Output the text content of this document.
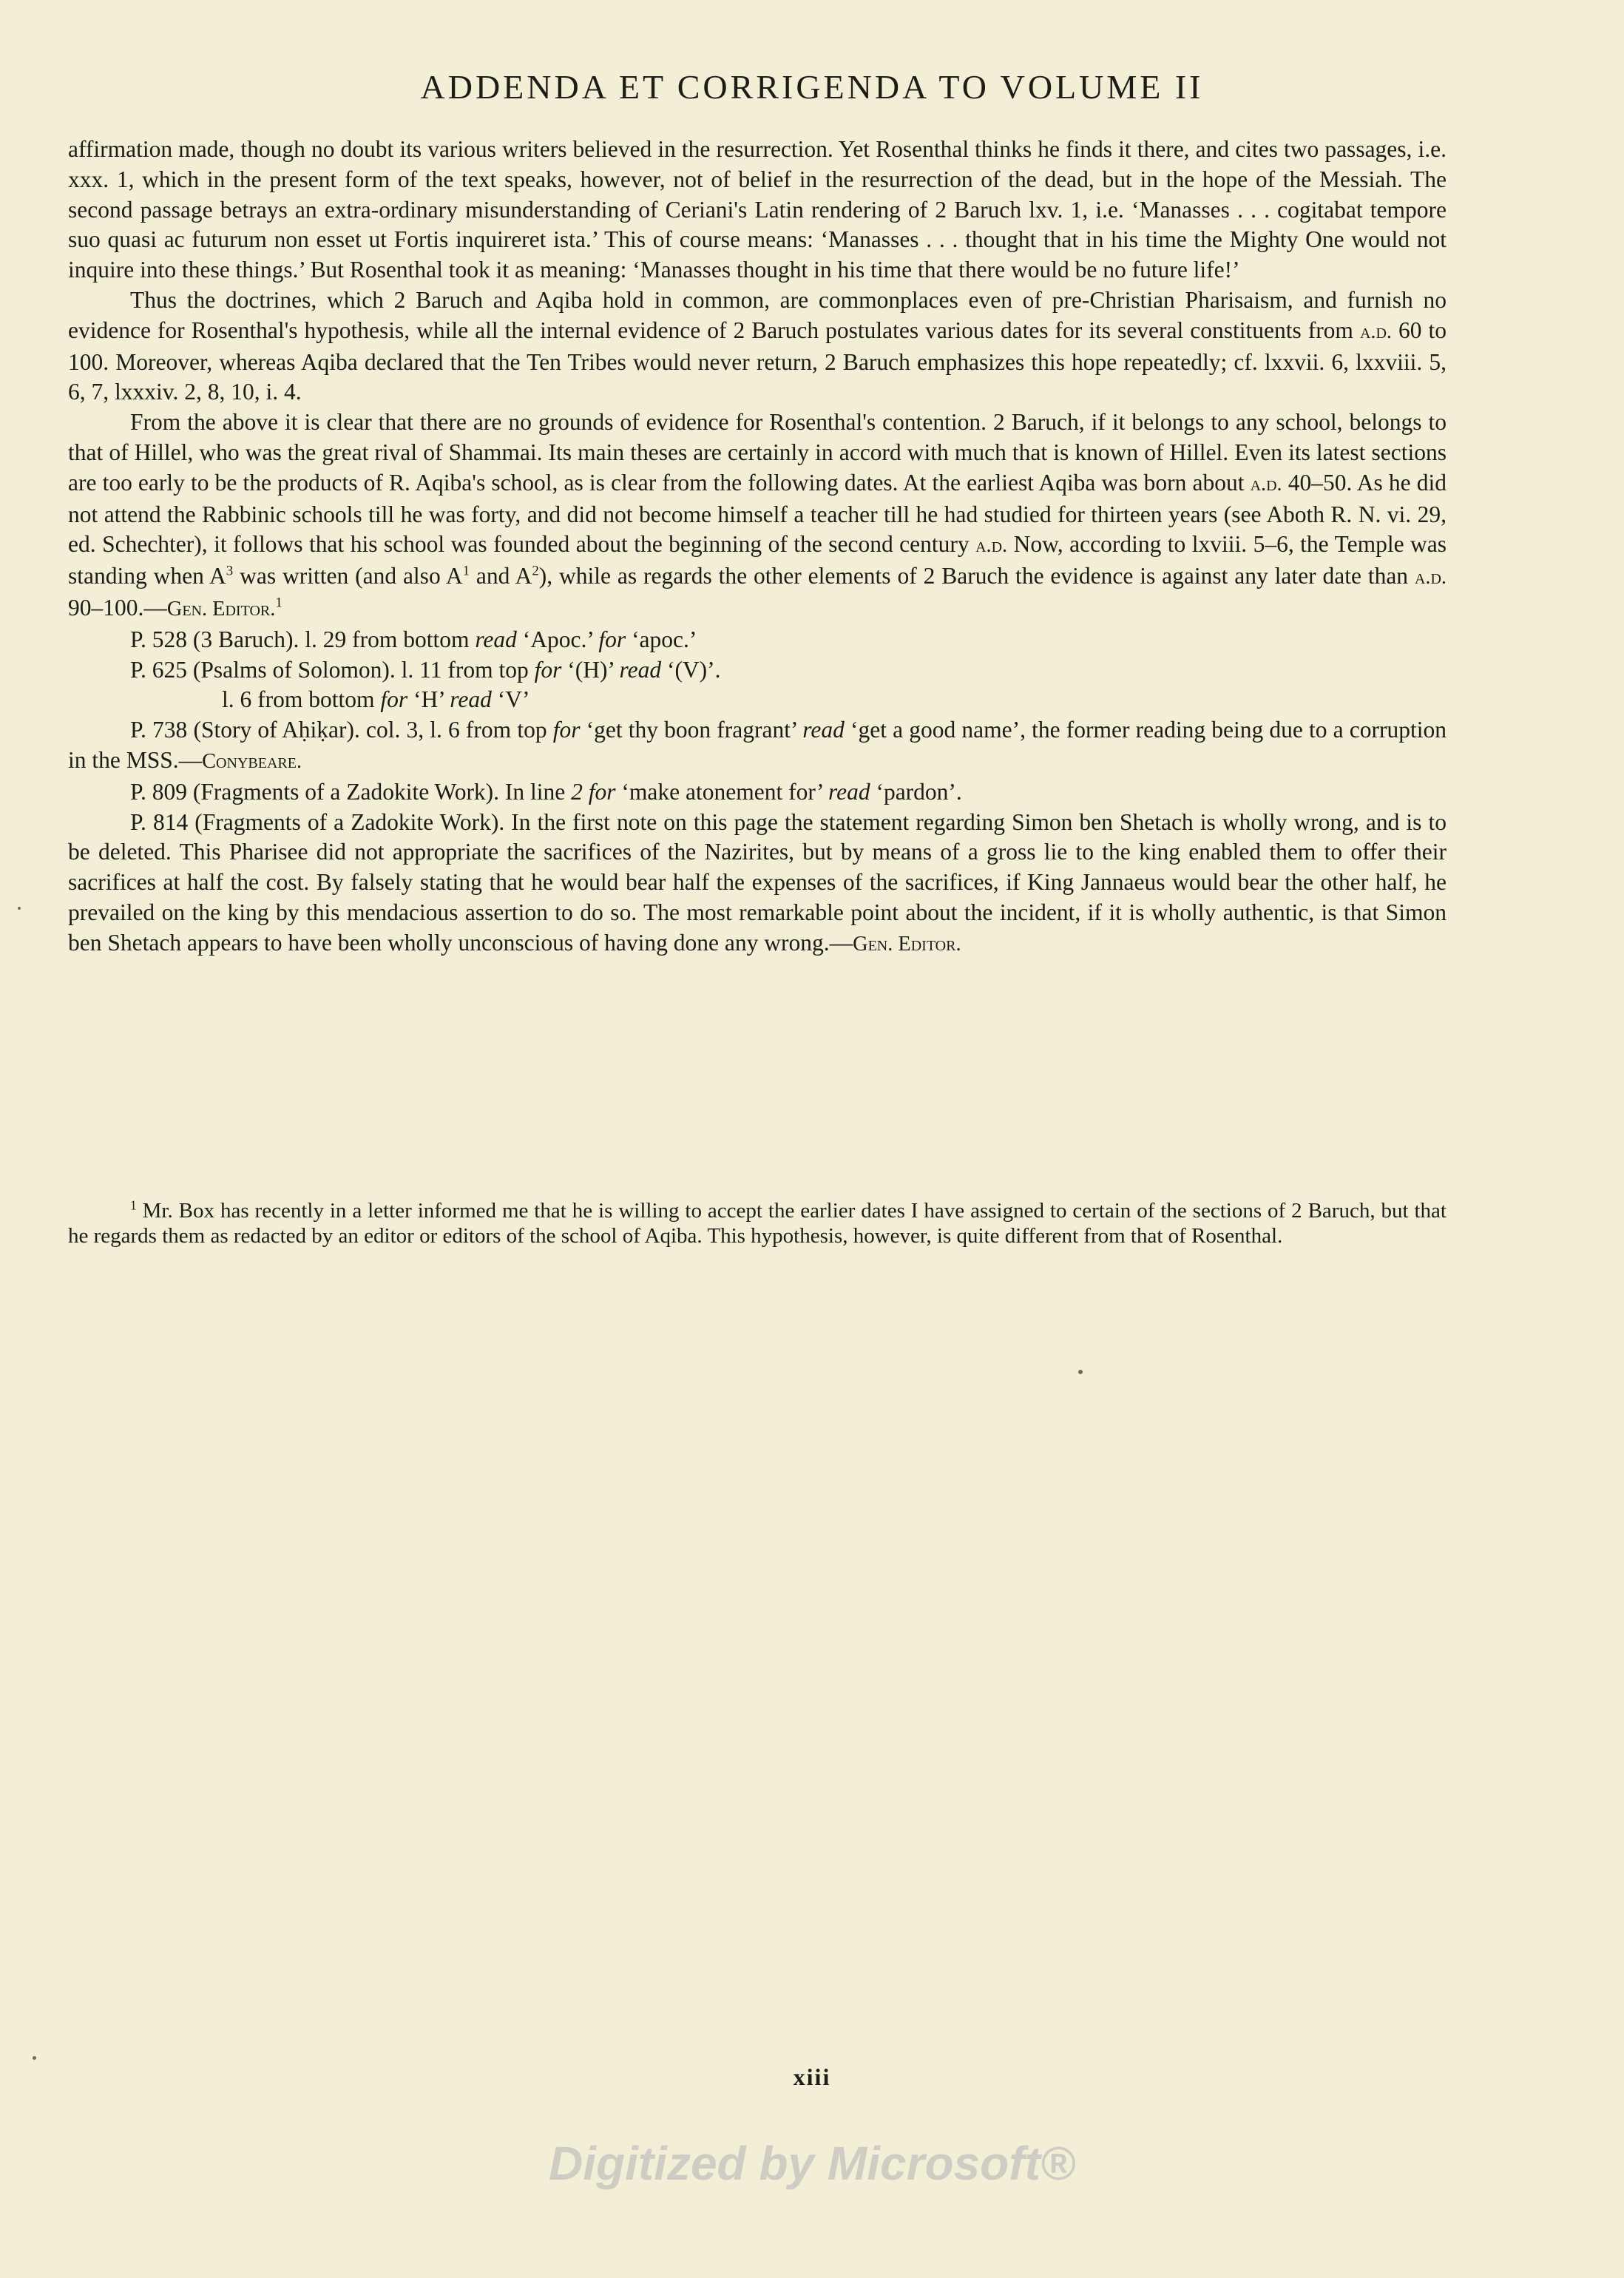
ADDENDA ET CORRIGENDA TO VOLUME II

affirmation made, though no doubt its various writers believed in the resurrection. Yet Rosenthal thinks he finds it there, and cites two passages, i.e. xxx. 1, which in the present form of the text speaks, however, not of belief in the resurrection of the dead, but in the hope of the Messiah. The second passage betrays an extra-ordinary misunderstanding of Ceriani's Latin rendering of 2 Baruch lxv. 1, i.e. ‘Manasses . . . cogitabat tempore suo quasi ac futurum non esset ut Fortis inquireret ista.’ This of course means: ‘Manasses . . . thought that in his time the Mighty One would not inquire into these things.’ But Rosenthal took it as meaning: ‘Manasses thought in his time that there would be no future life!’

Thus the doctrines, which 2 Baruch and Aqiba hold in common, are commonplaces even of pre-Christian Pharisaism, and furnish no evidence for Rosenthal's hypothesis, while all the internal evidence of 2 Baruch postulates various dates for its several constituents from a.d. 60 to 100. Moreover, whereas Aqiba declared that the Ten Tribes would never return, 2 Baruch emphasizes this hope repeatedly; cf. lxxvii. 6, lxxviii. 5, 6, 7, lxxxiv. 2, 8, 10, i. 4.

From the above it is clear that there are no grounds of evidence for Rosenthal's contention. 2 Baruch, if it belongs to any school, belongs to that of Hillel, who was the great rival of Shammai. Its main theses are certainly in accord with much that is known of Hillel. Even its latest sections are too early to be the products of R. Aqiba's school, as is clear from the following dates. At the earliest Aqiba was born about a.d. 40–50. As he did not attend the Rabbinic schools till he was forty, and did not become himself a teacher till he had studied for thirteen years (see Aboth R. N. vi. 29, ed. Schechter), it follows that his school was founded about the beginning of the second century a.d. Now, according to lxviii. 5–6, the Temple was standing when $A^3$ was written (and also $A^1$ and $A^2$), while as regards the other elements of 2 Baruch the evidence is against any later date than a.d. 90–100.—Gen. Editor.$^1$

P. 528 (3 Baruch). l. 29 from bottom read ‘Apoc.’ for ‘apoc.’

P. 625 (Psalms of Solomon). l. 11 from top for ‘(H)’ read ‘(V)’.

l. 6 from bottom for ‘H’ read ‘V’

P. 738 (Story of Aḥiḳar). col. 3, l. 6 from top for ‘get thy boon fragrant’ read ‘get a good name’, the former reading being due to a corruption in the MSS.—Conybeare.

P. 809 (Fragments of a Zadokite Work). In line 2 for ‘make atonement for’ read ‘pardon’.

P. 814 (Fragments of a Zadokite Work). In the first note on this page the statement regarding Simon ben Shetach is wholly wrong, and is to be deleted. This Pharisee did not appropriate the sacrifices of the Nazirites, but by means of a gross lie to the king enabled them to offer their sacrifices at half the cost. By falsely stating that he would bear half the expenses of the sacrifices, if King Jannaeus would bear the other half, he prevailed on the king by this mendacious assertion to do so. The most remarkable point about the incident, if it is wholly authentic, is that Simon ben Shetach appears to have been wholly unconscious of having done any wrong.—Gen. Editor.

$^1$ Mr. Box has recently in a letter informed me that he is willing to accept the earlier dates I have assigned to certain of the sections of 2 Baruch, but that he regards them as redacted by an editor or editors of the school of Aqiba. This hypothesis, however, is quite different from that of Rosenthal.

xiii
Digitized by Microsoft®
